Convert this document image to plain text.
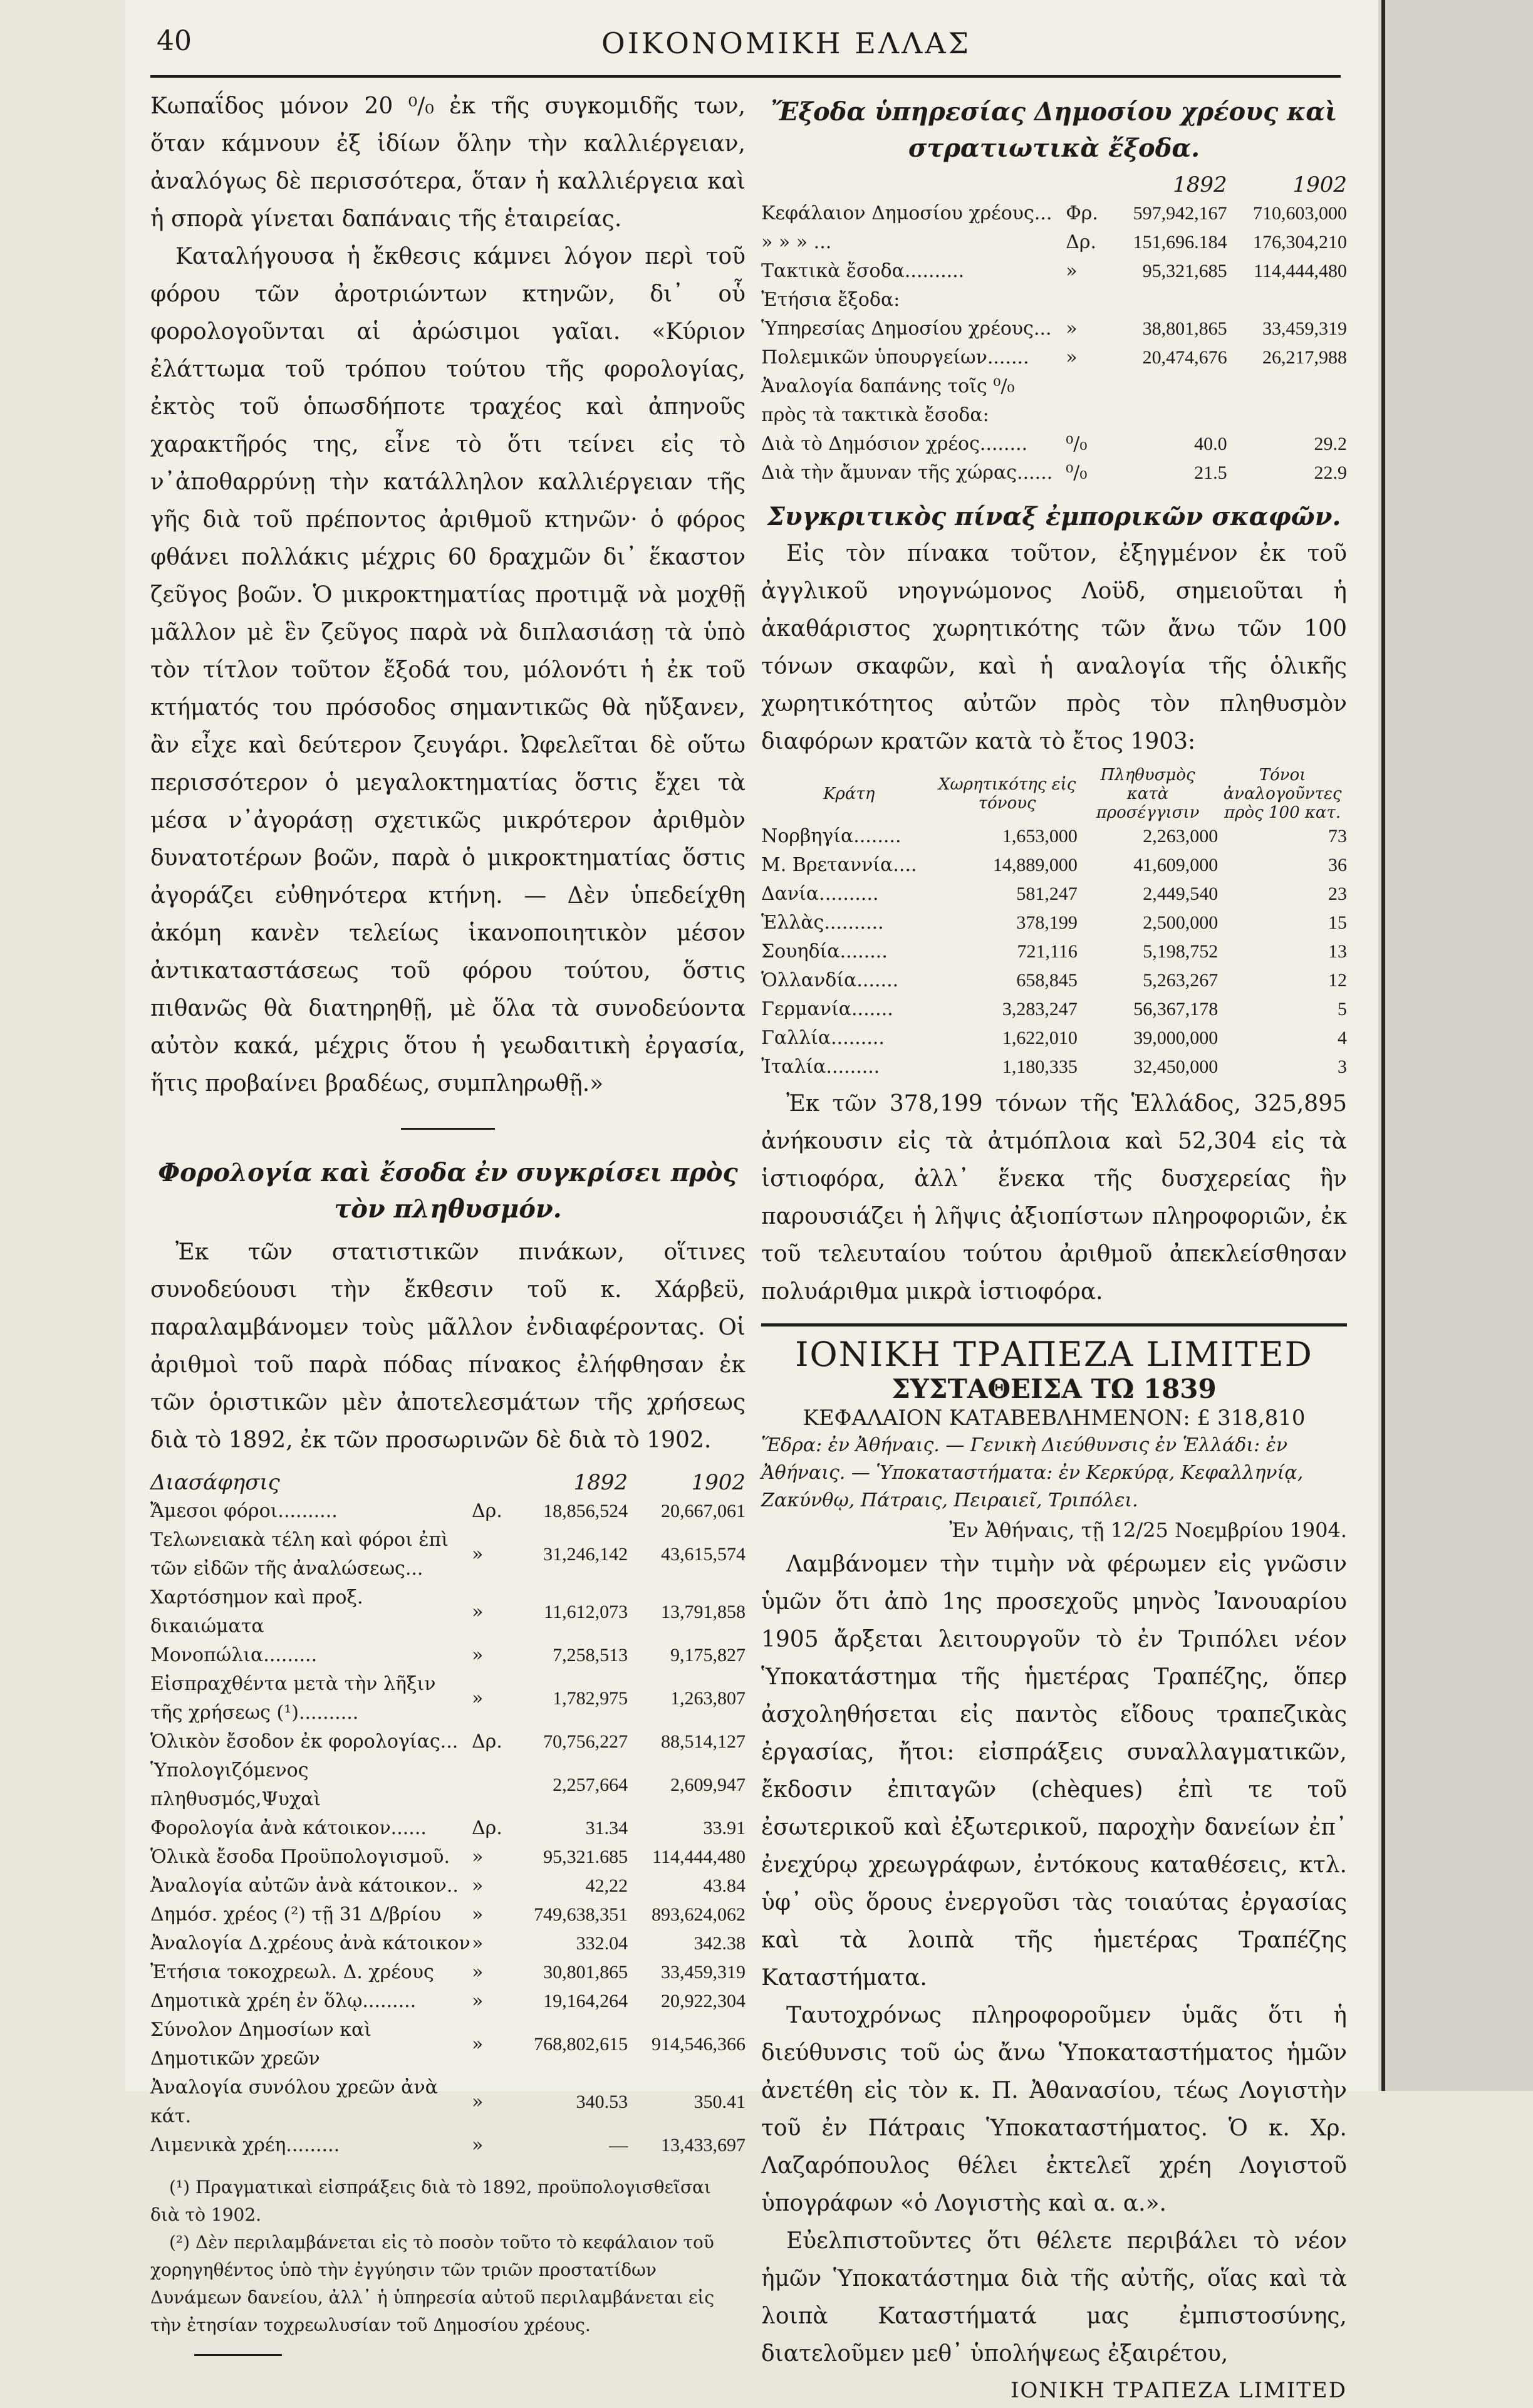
40	ΟΙΚΟΝΟΜΙΚΗ ΕΛΛΑΣ

Κωπαΐδος μόνον 20 ⁰/₀ ἐκ τῆς συγκομιδῆς των, ὅταν κάμνουν ἐξ ἰδίων ὅλην τὴν καλλιέργειαν, ἀναλόγως δὲ περισσότερα, ὅταν ἡ καλλιέργεια καὶ ἡ σπορὰ γίνεται δαπάναις τῆς ἑταιρείας.

Καταλήγουσα ἡ ἔκθεσις κάμνει λόγον περὶ τοῦ φόρου τῶν ἀροτριώντων κτηνῶν, δι᾽ οὗ φορολογοῦνται αἱ ἀρώσιμοι γαῖαι. «Κύριον ἐλάττωμα τοῦ τρόπου τούτου τῆς φορολογίας, ἐκτὸς τοῦ ὁπωσδήποτε τραχέος καὶ ἀπηνοῦς χαρακτῆρός της, εἶνε τὸ ὅτι τείνει εἰς τὸ ν᾽ἀποθαρρύνῃ τὴν κατάλληλον καλλιέργειαν τῆς γῆς διὰ τοῦ πρέποντος ἀριθμοῦ κτηνῶν· ὁ φόρος φθάνει πολλάκις μέχρις 60 δραχμῶν δι᾽ ἕκαστον ζεῦγος βοῶν. Ὁ μικροκτηματίας προτιμᾷ νὰ μοχθῇ μᾶλλον μὲ ἓν ζεῦγος παρὰ νὰ διπλασιάσῃ τὰ ὑπὸ τὸν τίτλον τοῦτον ἔξοδά του, μόλονότι ἡ ἐκ τοῦ κτήματός του πρόσοδος σημαντικῶς θὰ ηὔξανεν, ἂν εἶχε καὶ δεύτερον ζευγάρι. Ὠφελεῖται δὲ οὕτω περισσότερον ὁ μεγαλοκτηματίας ὅστις ἔχει τὰ μέσα ν᾽ἀγοράσῃ σχετικῶς μικρότερον ἀριθμὸν δυνατοτέρων βοῶν, παρὰ ὁ μικροκτηματίας ὅστις ἀγοράζει εὐθηνότερα κτήνη. — Δὲν ὑπεδείχθη ἀκόμη κανὲν τελείως ἱκανοποιητικὸν μέσον ἀντικαταστάσεως τοῦ φόρου τούτου, ὅστις πιθανῶς θὰ διατηρηθῇ, μὲ ὅλα τὰ συνοδεύοντα αὐτὸν κακά, μέχρις ὅτου ἡ γεωδαιτικὴ ἐργασία, ἥτις προβαίνει βραδέως, συμπληρωθῇ.»

Φορολογία καὶ ἔσοδα ἐν συγκρίσει πρὸς τὸν πληθυσμόν.

Ἐκ τῶν στατιστικῶν πινάκων, οἵτινες συνοδεύουσι τὴν ἔκθεσιν τοῦ κ. Χάρβεϋ, παραλαμβάνομεν τοὺς μᾶλλον ἐνδιαφέροντας. Οἱ ἀριθμοὶ τοῦ παρὰ πόδας πίνακος ἐλήφθησαν ἐκ τῶν ὁριστικῶν μὲν ἀποτελεσμάτων τῆς χρήσεως διὰ τὸ 1892, ἐκ τῶν προσωρινῶν δὲ διὰ τὸ 1902.

Διασάφησις		1892	1902
Ἄμεσοι φόροι..........	Δρ.	18,856,524	20,667,061
Τελωνειακὰ τέλη καὶ φόροι ἐπὶ τῶν εἰδῶν τῆς ἀναλώσεως...	»	31,246,142	43,615,574
Χαρτόσημον καὶ προξ. δικαιώματα	»	11,612,073	13,791,858
Μονοπώλια.........	»	7,258,513	9,175,827
Εἰσπραχθέντα μετὰ τὴν λῆξιν τῆς χρήσεως (¹)..........	»	1,782,975	1,263,807
Ὁλικὸν ἔσοδον ἐκ φορολογίας...	Δρ.	70,756,227	88,514,127
Ὑπολογιζόμενος πληθυσμός,Ψυχαὶ		2,257,664	2,609,947
Φορολογία ἀνὰ κάτοικον......	Δρ.	31.34	33.91
Ὁλικὰ ἔσοδα Προϋπολογισμοῦ.	»	95,321.685	114,444,480
Ἀναλογία αὐτῶν ἀνὰ κάτοικον..	»	42,22	43.84
Δημόσ. χρέος (²) τῇ 31 Δ/βρίου	»	749,638,351	893,624,062
Ἀναλογία Δ.χρέους ἀνὰ κάτοικον	»	332.04	342.38
Ἐτήσια τοκοχρεωλ. Δ. χρέους	»	30,801,865	33,459,319
Δημοτικὰ χρέη ἐν ὅλῳ.........	»	19,164,264	20,922,304
Σύνολον Δημοσίων καὶ Δημοτικῶν χρεῶν	»	768,802,615	914,546,366
Ἀναλογία συνόλου χρεῶν ἀνὰ κάτ.	»	340.53	350.41
Λιμενικὰ χρέη.........	»	—	13,433,697

(¹) Πραγματικαὶ εἰσπράξεις διὰ τὸ 1892, προϋπολογισθεῖσαι διὰ τὸ 1902.

(²) Δὲν περιλαμβάνεται εἰς τὸ ποσὸν τοῦτο τὸ κεφάλαιον τοῦ χορηγηθέντος ὑπὸ τὴν ἐγγύησιν τῶν τριῶν προστατίδων Δυνάμεων δανείου, ἀλλ᾽ ἡ ὑπηρεσία αὐτοῦ περιλαμβάνεται εἰς τὴν ἐτησίαν τοχρεωλυσίαν τοῦ Δημοσίου χρέους.

Ἔξοδα ὑπηρεσίας Δημοσίου χρέους καὶ στρατιωτικὰ ἔξοδα.

		1892	1902
Κεφάλαιον Δημοσίου χρέους...	Φρ.	597,942,167	710,603,000
» » » ...	Δρ.	151,696.184	176,304,210
Τακτικὰ ἔσοδα..........	»	95,321,685	114,444,480
Ἐτήσια ἔξοδα:			
Ὑπηρεσίας Δημοσίου χρέους...	»	38,801,865	33,459,319
Πολεμικῶν ὑπουργείων.......	»	20,474,676	26,217,988
Ἀναλογία δαπάνης τοῖς ⁰/₀ πρὸς τὰ τακτικὰ ἔσοδα:			
Διὰ τὸ Δημόσιον χρέος........	⁰/₀	40.0	29.2
Διὰ τὴν ἄμυναν τῆς χώρας......	⁰/₀	21.5	22.9

Συγκριτικὸς πίναξ ἐμπορικῶν σκαφῶν.

Εἰς τὸν πίνακα τοῦτον, ἐξηγμένον ἐκ τοῦ ἀγγλικοῦ νηογνώμονος Λοϋδ, σημειοῦται ἡ ἀκαθάριστος χωρητικότης τῶν ἄνω τῶν 100 τόνων σκαφῶν, καὶ ἡ αναλογία τῆς ὁλικῆς χωρητικότητος αὐτῶν πρὸς τὸν πληθυσμὸν διαφόρων κρατῶν κατὰ τὸ ἔτος 1903:

Κράτη	Χωρητικότης εἰς τόνους	Πληθυσμὸς κατὰ προσέγγισιν	Τόνοι ἀναλογοῦντες πρὸς 100 κατ.
Νορβηγία........	1,653,000	2,263,000	73
Μ. Βρεταννία....	14,889,000	41,609,000	36
Δανία..........	581,247	2,449,540	23
Ἑλλὰς..........	378,199	2,500,000	15
Σουηδία........	721,116	5,198,752	13
Ὁλλανδία.......	658,845	5,263,267	12
Γερμανία.......	3,283,247	56,367,178	5
Γαλλία.........	1,622,010	39,000,000	4
Ἰταλία.........	1,180,335	32,450,000	3

Ἐκ τῶν 378,199 τόνων τῆς Ἑλλάδος, 325,895 ἀνήκουσιν εἰς τὰ ἀτμόπλοια καὶ 52,304 εἰς τὰ ἱστιοφόρα, ἀλλ᾽ ἕνεκα τῆς δυσχερείας ἣν παρουσιάζει ἡ λῆψις ἀξιοπίστων πληροφοριῶν, ἐκ τοῦ τελευταίου τούτου ἀριθμοῦ ἀπεκλείσθησαν πολυάριθμα μικρὰ ἱστιοφόρα.

ΙΟΝΙΚΗ ΤΡΑΠΕΖΑ LIMITED
ΣΥΣΤΑΘΕΙΣΑ ΤΩ 1839
ΚΕΦΑΛΑΙΟΝ ΚΑΤΑΒΕΒΛΗΜΕΝΟΝ: £ 318,810

Ἕδρα: ἐν Ἀθήναις. — Γενικὴ Διεύθυνσις ἐν Ἑλλάδι: ἐν Ἀθήναις. — Ὑποκαταστήματα: ἐν Κερκύρᾳ, Κεφαλληνίᾳ, Ζακύνθῳ, Πάτραις, Πειραιεῖ, Τριπόλει.

Ἐν Ἀθήναις, τῇ 12/25 Νοεμβρίου 1904.

Λαμβάνομεν τὴν τιμὴν νὰ φέρωμεν εἰς γνῶσιν ὑμῶν ὅτι ἀπὸ 1ης προσεχοῦς μηνὸς Ἰανουαρίου 1905 ἄρξεται λειτουργοῦν τὸ ἐν Τριπόλει νέον Ὑποκατάστημα τῆς ἡμετέρας Τραπέζης, ὅπερ ἀσχοληθήσεται εἰς παντὸς εἴδους τραπεζικὰς ἐργασίας, ἤτοι: εἰσπράξεις συναλλαγματικῶν, ἔκδοσιν ἐπιταγῶν (chèques) ἐπὶ τε τοῦ ἐσωτερικοῦ καὶ ἐξωτερικοῦ, παροχὴν δανείων ἐπ᾽ ἐνεχύρῳ χρεωγράφων, ἐντόκους καταθέσεις, κτλ. ὑφ᾽ οὓς ὅρους ἐνεργοῦσι τὰς τοιαύτας ἐργασίας καὶ τὰ λοιπὰ τῆς ἡμετέρας Τραπέζης Καταστήματα.

Ταυτοχρόνως πληροφοροῦμεν ὑμᾶς ὅτι ἡ διεύθυνσις τοῦ ὡς ἄνω Ὑποκαταστήματος ἡμῶν ἀνετέθη εἰς τὸν κ. Π. Ἀθανασίου, τέως Λογιστὴν τοῦ ἐν Πάτραις Ὑποκαταστήματος. Ὁ κ. Χρ. Λαζαρόπουλος θέλει ἐκτελεῖ χρέη Λογιστοῦ ὑπογράφων «ὁ Λογιστὴς καὶ α. α.».

Εὐελπιστοῦντες ὅτι θέλετε περιβάλει τὸ νέον ἡμῶν Ὑποκατάστημα διὰ τῆς αὐτῆς, οἵας καὶ τὰ λοιπὰ Καταστήματά μας ἐμπιστοσύνης, διατελοῦμεν μεθ᾽ ὑπολήψεως ἐξαιρέτου,

ΙΟΝΙΚΗ ΤΡΑΠΕΖΑ LIMITED
